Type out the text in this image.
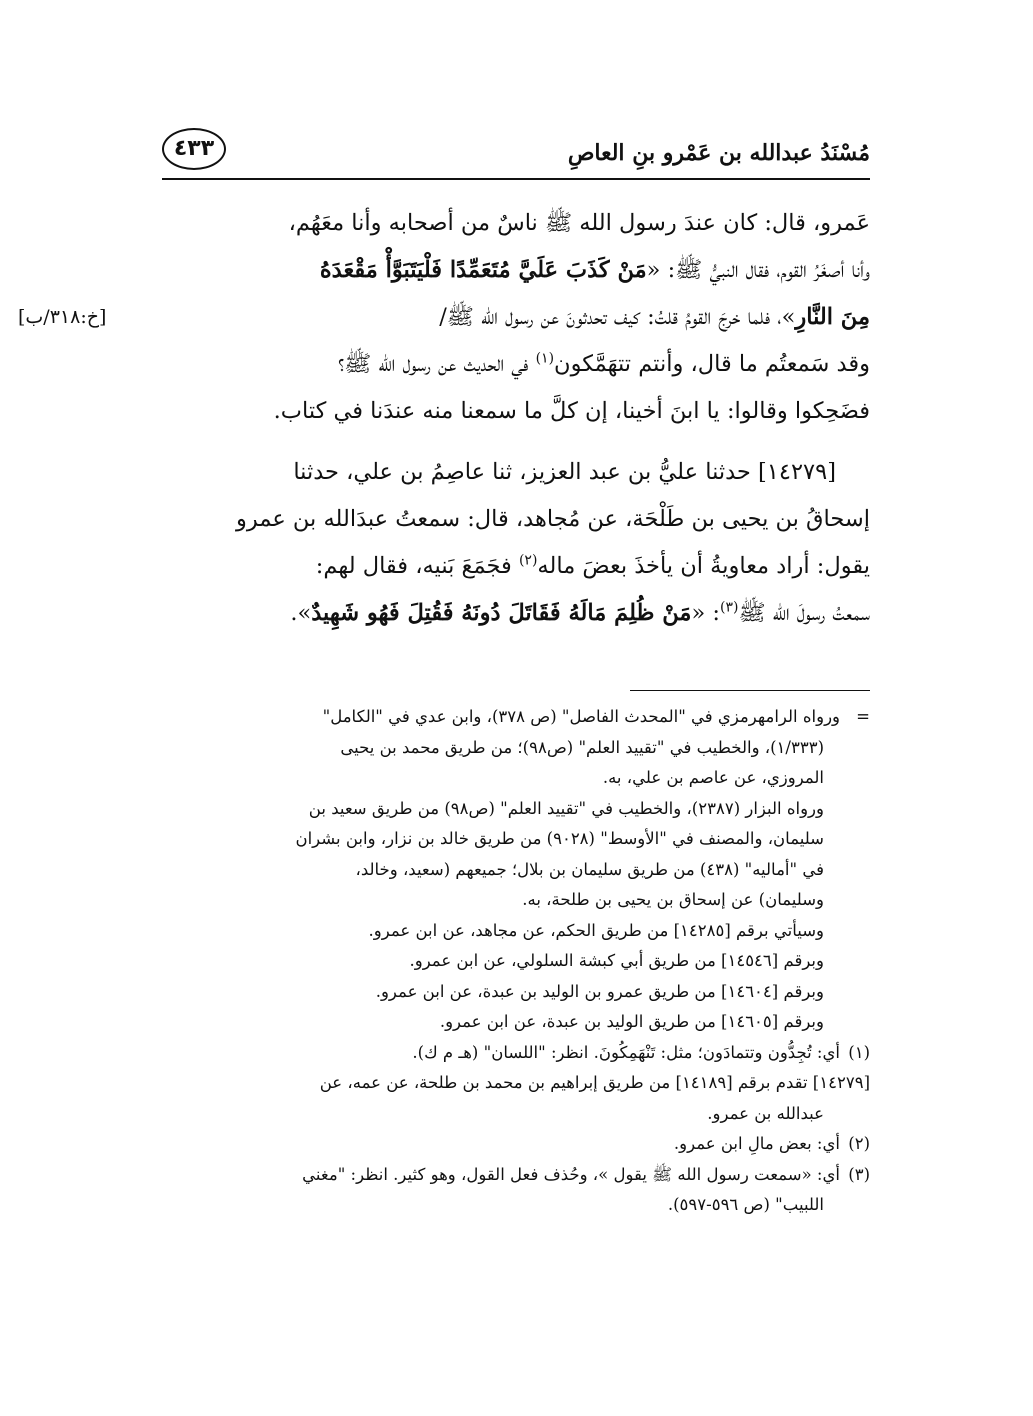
مُسْنَدُ عبدالله بن عَمْرو بنِ العاصِ
٤٣٣
[خ:٣١٨/ب]
عَمرو، قال: كان عندَ رسول الله ﷺ ناسٌ من أصحابه وأنا معَهُم،
وأنا أصغَرُ القوم، فقال النبيُّ ﷺ: «مَنْ كَذَبَ عَلَيَّ مُتَعَمِّدًا فَلْيَتَبَوَّأْ مَقْعَدَهُ
مِنَ النَّارِ»، فلما خرجَ القومُ قلتُ: كيف تحدثونَ عن رسول الله ﷺ/
وقد سَمعتُم ما قال، وأنتم تتهَمَّكون$^{(١)}$ في الحديث عن رسول الله ﷺ؟
فضَحِكوا وقالوا: يا ابنَ أخينا، إن كلَّ ما سمعنا منه عندَنا في كتاب.
[١٤٢٧٩] حدثنا عليُّ بن عبد العزيز، ثنا عاصِمُ بن علي، حدثنا
إسحاقُ بن يحيى بن طَلْحَة، عن مُجاهد، قال: سمعتُ عبدَالله بن عمرو
يقول: أراد معاويةُ أن يأخذَ بعضَ ماله$^{(٢)}$ فجَمَعَ بَنيه، فقال لهم:
سمعتُ رسولَ الله ﷺ$^{(٣)}$: «مَنْ ظُلِمَ مَالَهُ فَقَاتَلَ دُونَهُ فَقُتِلَ فَهُو شَهِيدٌ».
=ورواه الرامهرمزي في "المحدث الفاصل" (ص ٣٧٨)، وابن عدي في "الكامل"
(١/٣٣٣)، والخطيب في "تقييد العلم" (ص٩٨)؛ من طريق محمد بن يحيى
المروزي، عن عاصم بن علي، به.
ورواه البزار (٢٣٨٧)، والخطيب في "تقييد العلم" (ص٩٨) من طريق سعيد بن
سليمان، والمصنف في "الأوسط" (٩٠٢٨) من طريق خالد بن نزار، وابن بشران
في "أماليه" (٤٣٨) من طريق سليمان بن بلال؛ جميعهم (سعيد، وخالد،
وسليمان) عن إسحاق بن يحيى بن طلحة، به.
وسيأتي برقم [١٤٢٨٥] من طريق الحكم، عن مجاهد، عن ابن عمرو.
وبرقم [١٤٥٤٦] من طريق أبي كبشة السلولي، عن ابن عمرو.
وبرقم [١٤٦٠٤] من طريق عمرو بن الوليد بن عبدة، عن ابن عمرو.
وبرقم [١٤٦٠٥] من طريق الوليد بن عبدة، عن ابن عمرو.
(١)أي: تُجِدُّون وتتمادَون؛ مثل: تَنْهَمِكُونَ. انظر: "اللسان" (هـ م ك).
[١٤٢٧٩] تقدم برقم [١٤١٨٩] من طريق إبراهيم بن محمد بن طلحة، عن عمه، عن
عبدالله بن عمرو.
(٢)أي: بعض مالِ ابن عمرو.
(٣)أي: «سمعت رسول الله ﷺ يقول »، وحُذف فعل القول، وهو كثير. انظر: "مغني
اللبيب" (ص ٥٩٦-٥٩٧).
